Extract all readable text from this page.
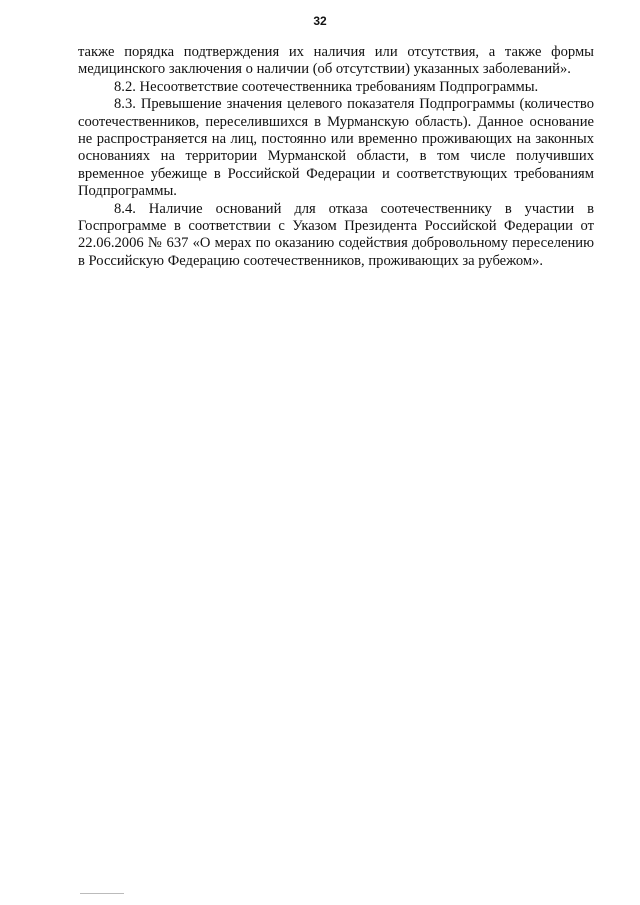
32

также порядка подтверждения их наличия или отсутствия, а также формы медицинского заключения о наличии (об отсутствии) указанных заболеваний».

8.2. Несоответствие соотечественника требованиям Подпрограммы.

8.3. Превышение значения целевого показателя Подпрограммы (количество соотечественников, переселившихся в Мурманскую область). Данное основание не распространяется на лиц, постоянно или временно проживающих на законных основаниях на территории Мурманской области, в том числе получивших временное убежище в Российской Федерации и соответствующих требованиям Подпрограммы.

8.4. Наличие оснований для отказа соотечественнику в участии в Госпрограмме в соответствии с Указом Президента Российской Федерации от 22.06.2006 № 637 «О мерах по оказанию содействия добровольному переселению в Российскую Федерацию соотечественников, проживающих за рубежом».
